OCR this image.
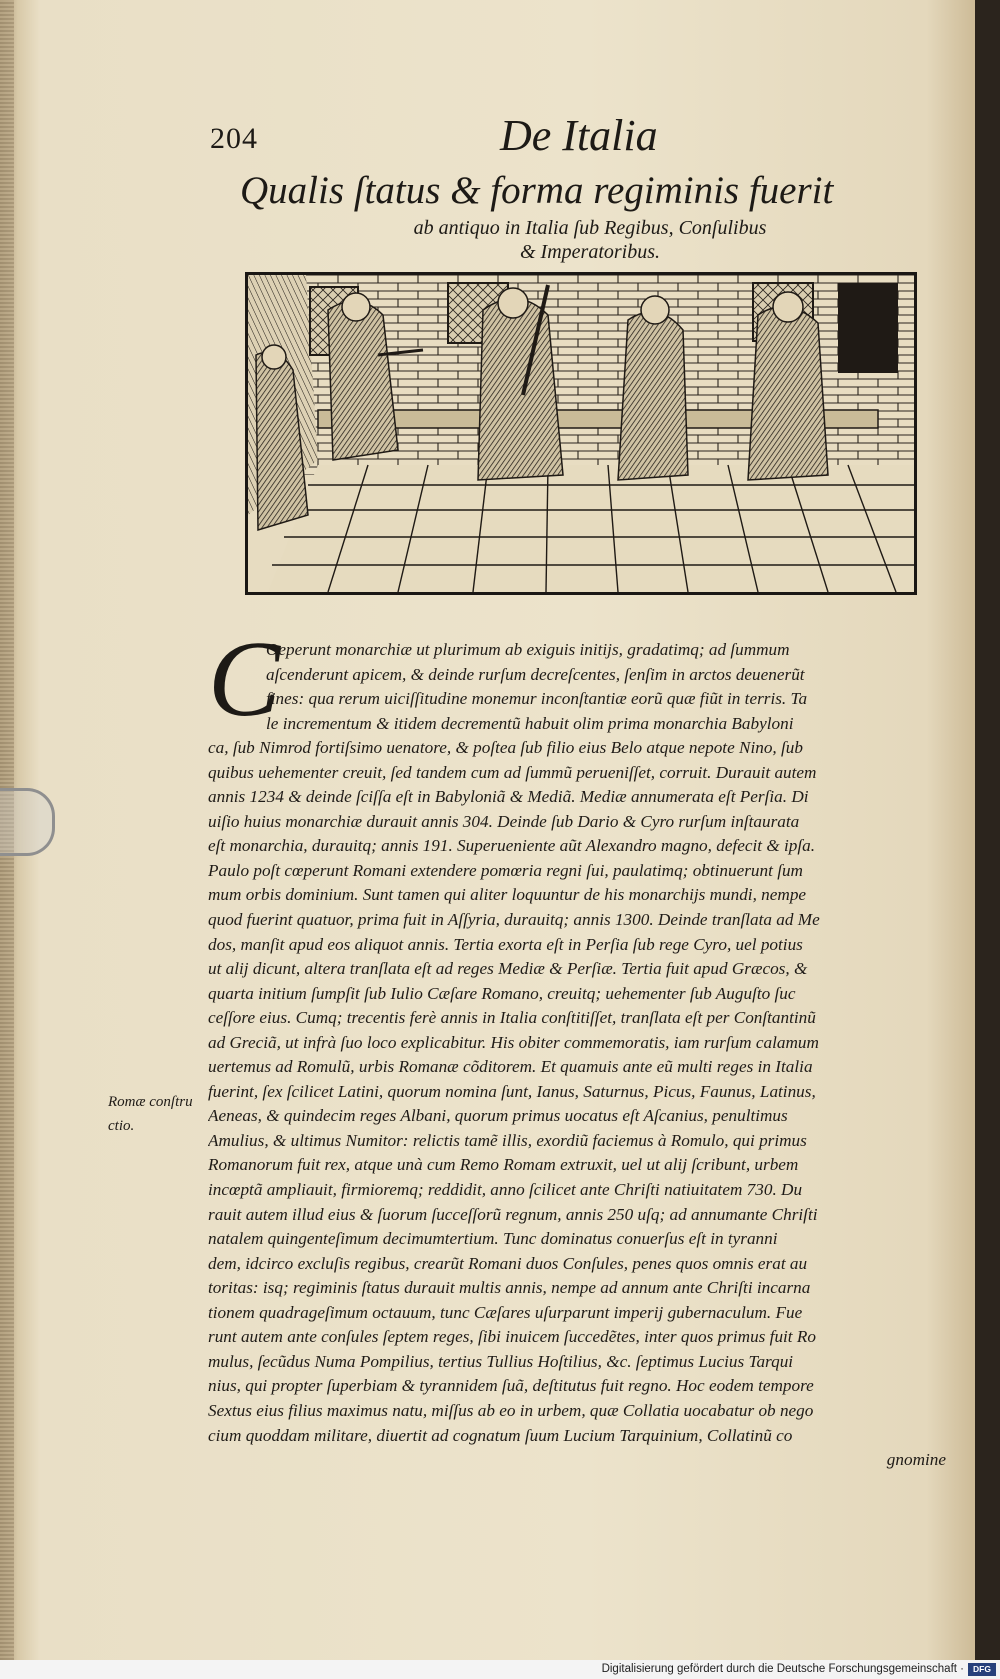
204	De Italia
Qualis ſtatus & forma regiminis fuerit
ab antiquo in Italia ſub Regibus, Conſulibus
& Imperatoribus.
C
Oeperunt monarchiæ ut plurimum ab exiguis initijs, gradatimq; ad ſummum
aſcenderunt apicem, & deinde rurſum decreſcentes, ſenſim in arctos deuenerũt
fines: qua rerum uiciſſitudine monemur inconſtantiæ eorũ quæ fiũt in terris. Ta
le incrementum & itidem decrementũ habuit olim prima monarchia Babyloni
ca, ſub Nimrod fortiſsimo uenatore, & poſtea ſub filio eius Belo atque nepote Nino, ſub
quibus uehementer creuit, ſed tandem cum ad ſummũ perueniſſet, corruit. Durauit autem
annis 1234 & deinde ſciſſa eſt in Babyloniã & Mediã. Mediæ annumerata eſt Perſia. Di
uiſio huius monarchiæ durauit annis 304. Deinde ſub Dario & Cyro rurſum inſtaurata
eſt monarchia, durauitq; annis 191. Superueniente aũt Alexandro magno, defecit & ipſa.
Paulo poſt cœperunt Romani extendere pomœria regni ſui, paulatimq; obtinuerunt ſum
mum orbis dominium. Sunt tamen qui aliter loquuntur de his monarchijs mundi, nempe
quod fuerint quatuor, prima fuit in Aſſyria, durauitq; annis 1300. Deinde tranſlata ad Me
dos, manſit apud eos aliquot annis. Tertia exorta eſt in Perſia ſub rege Cyro, uel potius
ut alij dicunt, altera tranſlata eſt ad reges Mediæ & Perſiæ. Tertia fuit apud Græcos, &
quarta initium ſumpſit ſub Iulio Cæſare Romano, creuitq; uehementer ſub Auguſto ſuc
ceſſore eius. Cumq; trecentis ferè annis in Italia conſtitiſſet, tranſlata eſt per Conſtantinũ
ad Greciã, ut infrà ſuo loco explicabitur. His obiter commemoratis, iam rurſum calamum
uertemus ad Romulũ, urbis Romanæ cõditorem. Et quamuis ante eũ multi reges in Italia
fuerint, ſex ſcilicet Latini, quorum nomina ſunt, Ianus, Saturnus, Picus, Faunus, Latinus,
Aeneas, & quindecim reges Albani, quorum primus uocatus eſt Aſcanius, penultimus
Amulius, & ultimus Numitor: relictis tamẽ illis, exordiũ faciemus à Romulo, qui primus
Romanorum fuit rex, atque unà cum Remo Romam extruxit, uel ut alij ſcribunt, urbem
incœptã ampliauit, firmioremq; reddidit, anno ſcilicet ante Chriſti natiuitatem 730. Du
rauit autem illud eius & ſuorum ſucceſſorũ regnum, annis 250 uſq; ad annumante Chriſti
natalem quingenteſimum decimumtertium. Tunc dominatus conuerſus eſt in tyranni
dem, idcirco excluſis regibus, crearũt Romani duos Conſules, penes quos omnis erat au
toritas: isq; regiminis ſtatus durauit multis annis, nempe ad annum ante Chriſti incarna
tionem quadrageſimum octauum, tunc Cæſares uſurparunt imperij gubernaculum. Fue
runt autem ante conſules ſeptem reges, ſibi inuicem ſuccedẽtes, inter quos primus fuit Ro
mulus, ſecũdus Numa Pompilius, tertius Tullius Hoſtilius, &c. ſeptimus Lucius Tarqui
nius, qui propter ſuperbiam & tyrannidem ſuã, deſtitutus fuit regno. Hoc eodem tempore
Sextus eius filius maximus natu, miſſus ab eo in urbem, quæ Collatia uocabatur ob nego
cium quoddam militare, diuertit ad cognatum ſuum Lucium Tarquinium, Collatinũ co
gnomine
Romæ conſtru
ctio.
Digitalisierung gefördert durch die Deutsche Forschungsgemeinschaft ·	DFG
